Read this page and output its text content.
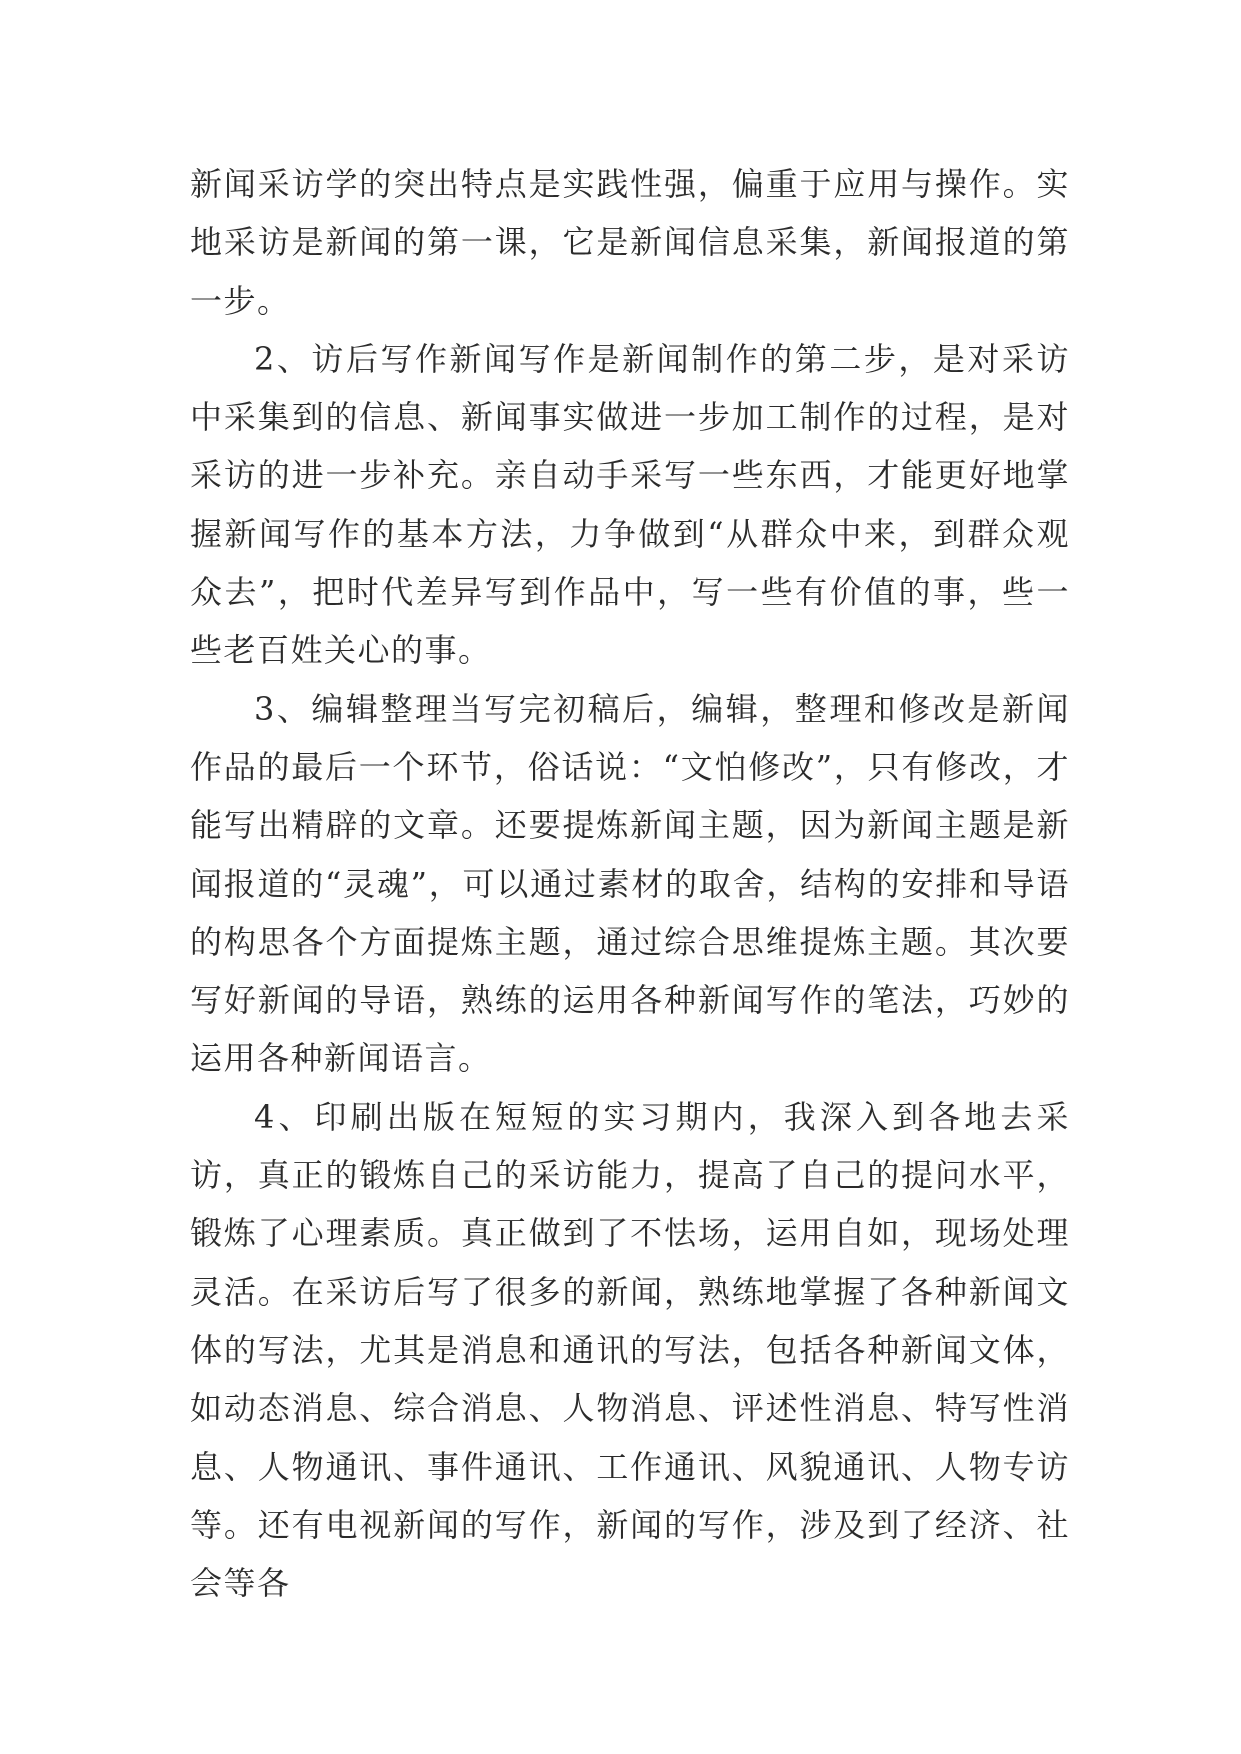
新闻采访学的突出特点是实践性强，偏重于应用与操作。实地采访是新闻的第一课，它是新闻信息采集，新闻报道的第一步。

2、访后写作新闻写作是新闻制作的第二步，是对采访中采集到的信息、新闻事实做进一步加工制作的过程，是对采访的进一步补充。亲自动手采写一些东西，才能更好地掌握新闻写作的基本方法，力争做到“从群众中来，到群众观众去”，把时代差异写到作品中，写一些有价值的事，些一些老百姓关心的事。

3、编辑整理当写完初稿后，编辑，整理和修改是新闻作品的最后一个环节，俗话说：“文怕修改”，只有修改，才能写出精辟的文章。还要提炼新闻主题，因为新闻主题是新闻报道的“灵魂”，可以通过素材的取舍，结构的安排和导语的构思各个方面提炼主题，通过综合思维提炼主题。其次要写好新闻的导语，熟练的运用各种新闻写作的笔法，巧妙的运用各种新闻语言。

4、印刷出版在短短的实习期内，我深入到各地去采访，真正的锻炼自己的采访能力，提高了自己的提问水平，锻炼了心理素质。真正做到了不怯场，运用自如，现场处理灵活。在采访后写了很多的新闻，熟练地掌握了各种新闻文体的写法，尤其是消息和通讯的写法，包括各种新闻文体，如动态消息、综合消息、人物消息、评述性消息、特写性消息、人物通讯、事件通讯、工作通讯、风貌通讯、人物专访等。还有电视新闻的写作，新闻的写作，涉及到了经济、社会等各
